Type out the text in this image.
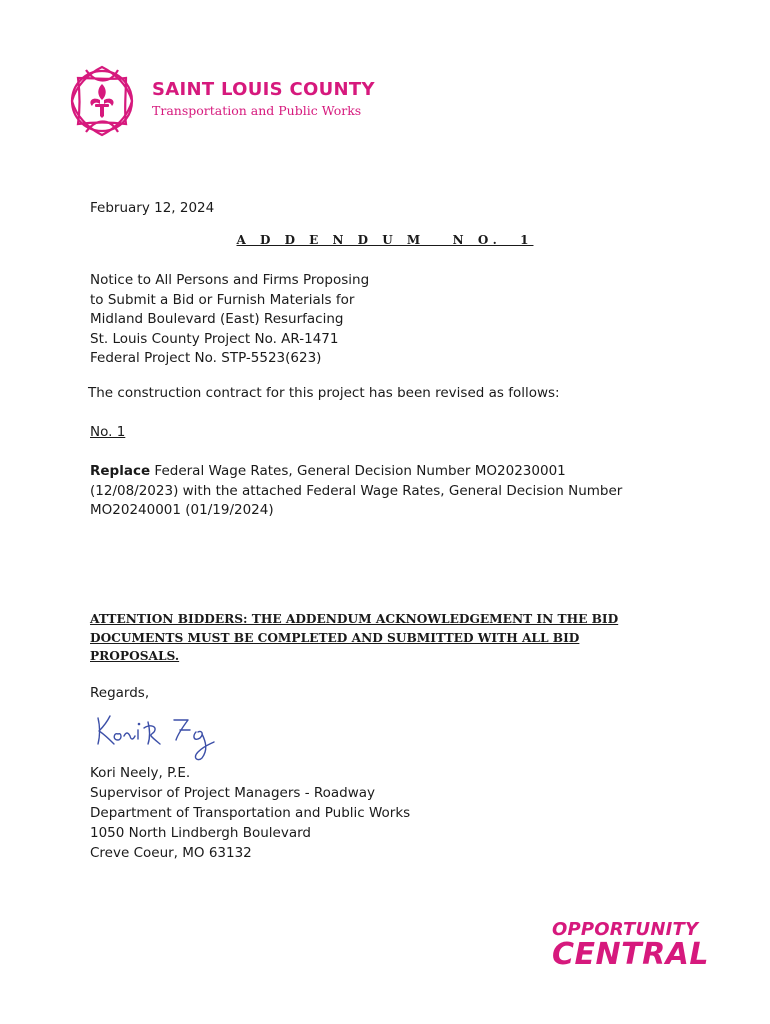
SAINT LOUIS COUNTY
Transportation and Public Works
February 12, 2024
A D D E N D U M   N O.  1
Notice to All Persons and Firms Proposing
to Submit a Bid or Furnish Materials for
Midland Boulevard (East) Resurfacing
St. Louis County Project No. AR-1471
Federal Project No. STP-5523(623)
The construction contract for this project has been revised as follows:
No. 1
Replace Federal Wage Rates, General Decision Number MO20230001
(12/08/2023) with the attached Federal Wage Rates, General Decision Number
MO20240001 (01/19/2024)
ATTENTION BIDDERS: THE ADDENDUM ACKNOWLEDGEMENT IN THE BID
DOCUMENTS MUST BE COMPLETED AND SUBMITTED WITH ALL BID
PROPOSALS.
Regards,
Kori Neely, P.E.
Supervisor of Project Managers - Roadway
Department of Transportation and Public Works
1050 North Lindbergh Boulevard
Creve Coeur, MO 63132
OPPORTUNITY
CENTRAL
